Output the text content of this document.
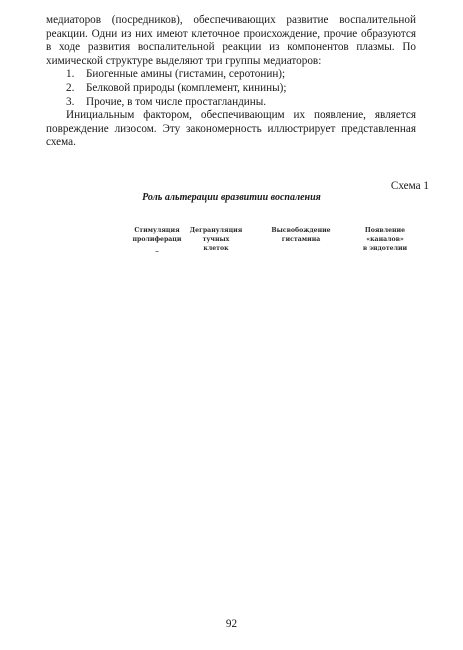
медиаторов (посредников), обеспечивающих развитие воспалительной реакции. Одни из них имеют клеточное происхождение, прочие образуются в ходе развития воспалительной реакции из компонентов плазмы. По химической структуре выделяют три группы медиаторов:

1.	Биогенные амины (гистамин, серотонин);
2.	Белковой природы (комплемент, кинины);
3.	Прочие, в том числе простагландины.

Инициальным фактором, обеспечивающим их появление, является повреждение лизосом. Эту закономерность иллюстрирует представленная схема.

Схема 1
Роль альтерации вразвитии воспаления
Стимуляция
пролифераци
_
Дегрануляция
тучных
клеток
Высвобождение
гистамина
Появление
«каналов»
в эндотелии
92
